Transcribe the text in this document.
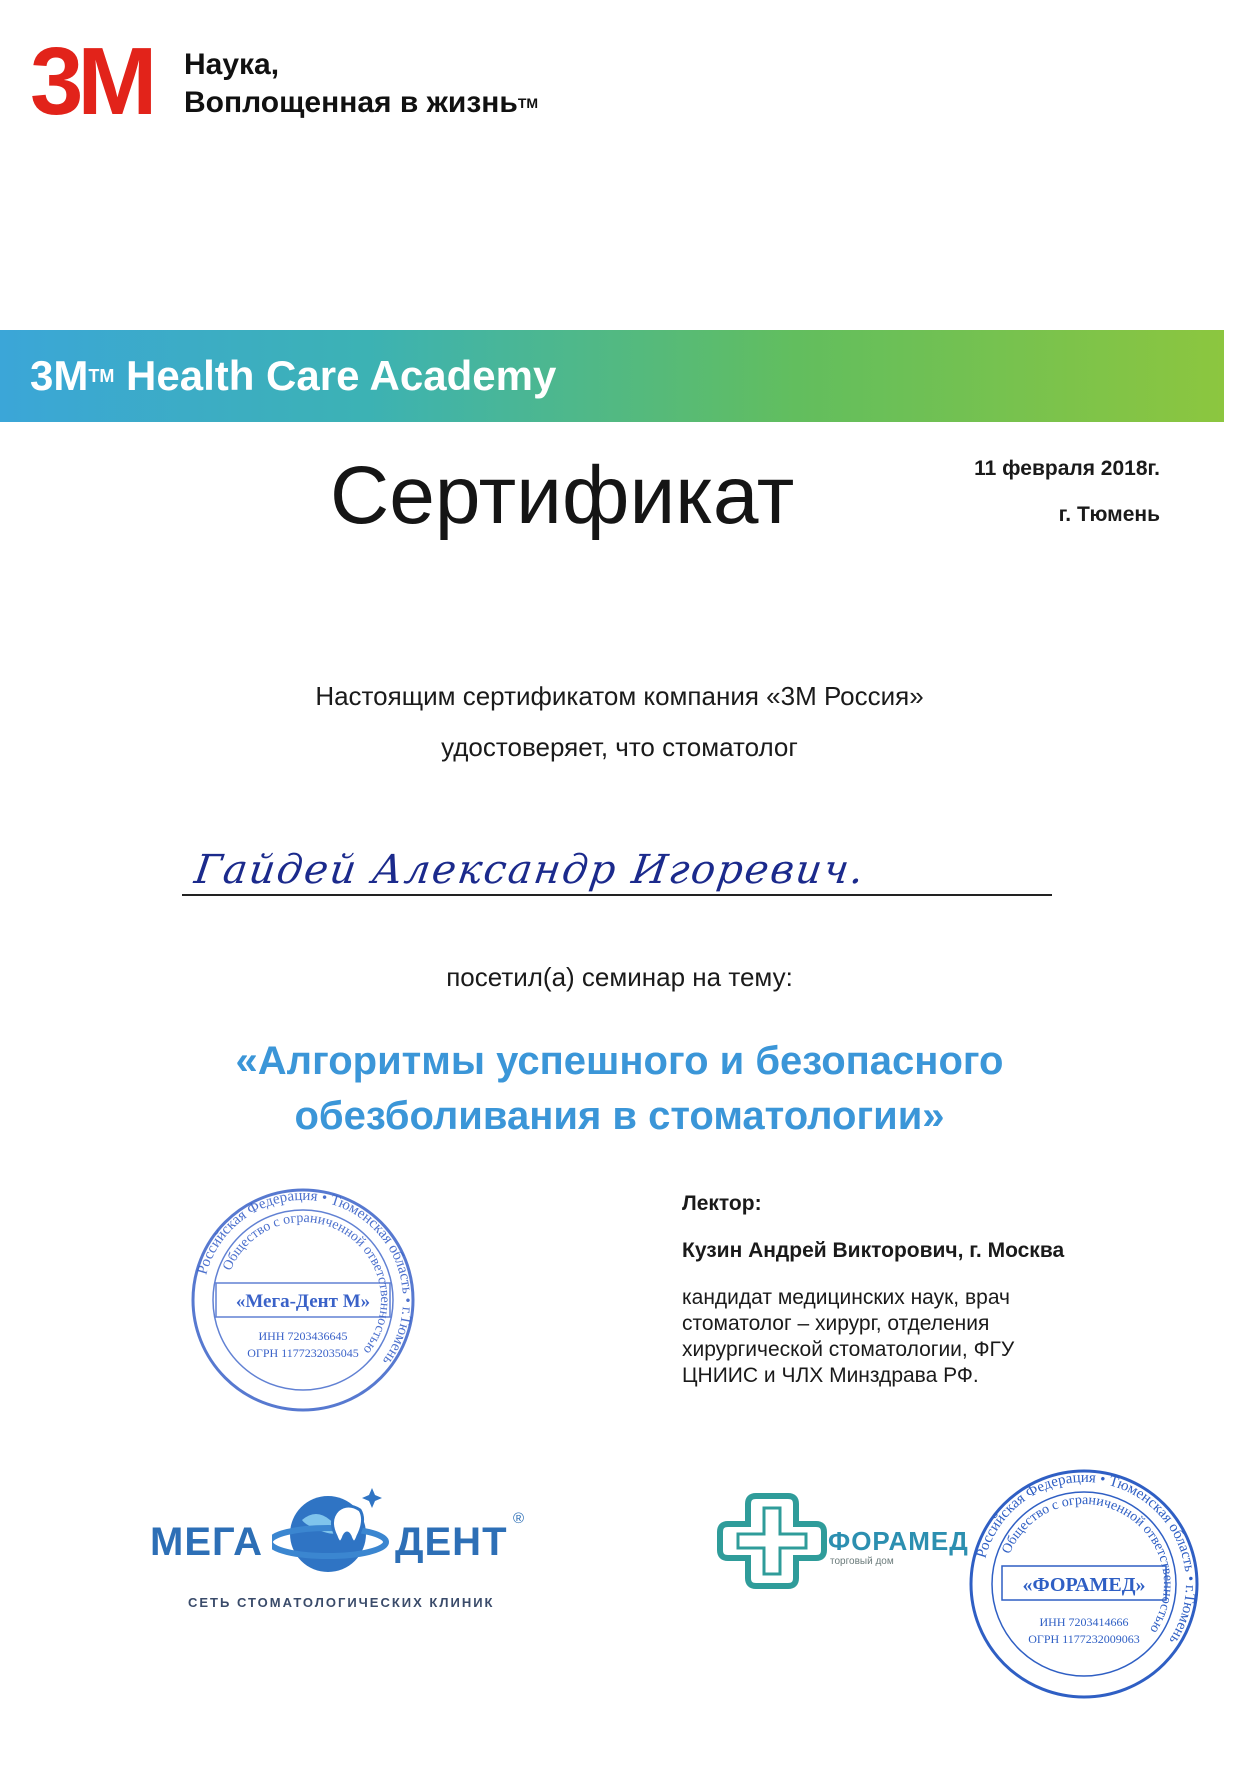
3M	Наука,
Воплощенная в жизнь™
3M™ Health Care Academy
Сертификат	11 февраля 2018г.
г. Тюмень
Настоящим сертификатом компания «3M Россия»
удостоверяет, что стоматолог
Гайдей Александр Игоревич.
посетил(а) семинар на тему:
«Алгоритмы успешного и безопасного
обезболивания в стоматологии»
Лектор:
Кузин Андрей Викторович, г. Москва
кандидат медицинских наук, врач
стоматолог – хирург, отделения
хирургической стоматологии, ФГУ
ЦНИИС и ЧЛХ Минздрава РФ.
Российская Федерация • Тюменская область • г.Тюмень
Общество с ограниченной ответственностью
«Мега-Дент М»
ИНН 7203436645
ОГРН 1177232035045
МЕГА	ДЕНТ
®
СЕТЬ СТОМАТОЛОГИЧЕСКИХ КЛИНИК
ФОРАМЕД
торговый дом
Российская Федерация • Тюменская область • г.Тюмень
Общество с ограниченной ответственностью
«ФОРАМЕД»
ИНН 7203414666
ОГРН 1177232009063
